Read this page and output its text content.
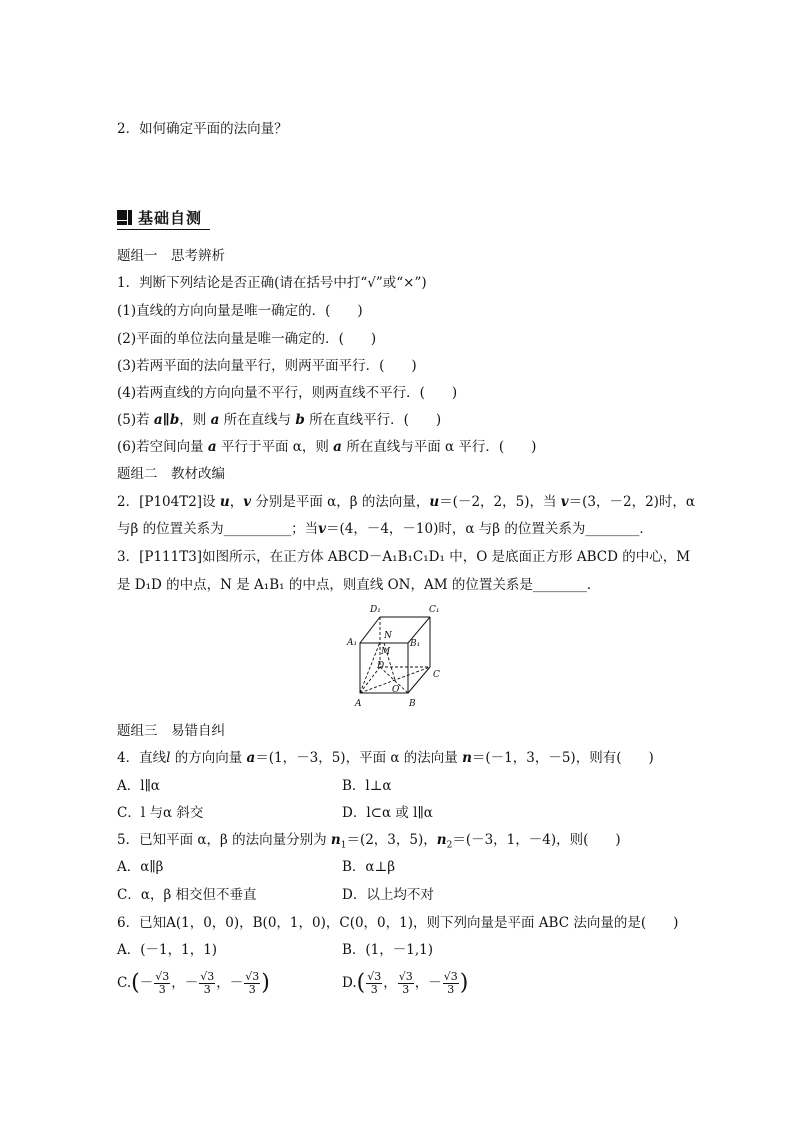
2．如何确定平面的法向量？
基础自测
题组一　思考辨析
1．判断下列结论是否正确(请在括号中打“√”或“×”)
(1)直线的方向向量是唯一确定的．(　　)
(2)平面的单位法向量是唯一确定的．(　　)
(3)若两平面的法向量平行，则两平面平行．(　　)
(4)若两直线的方向向量不平行，则两直线不平行．(　　)
(5)若 a∥b，则 a 所在直线与 b 所在直线平行．(　　)
(6)若空间向量 a 平行于平面 α，则 a 所在直线与平面 α 平行．(　　)
题组二　教材改编
2．[P104T2]设 u，v 分别是平面 α，β 的法向量，u＝(－2，2，5)，当 v＝(3，－2，2)时，α
与β 的位置关系为__________；当v＝(4，－4，－10)时，α 与β 的位置关系为________．
3．[P111T3]如图所示，在正方体 ABCD－A₁B₁C₁D₁ 中，O 是底面正方形 ABCD 的中心，M
是 D₁D 的中点，N 是 A₁B₁ 的中点，则直线 ON，AM 的位置关系是________．
D₁	C₁
A₁	B₁
N
M
D
C
O
A	B
题组三　易错自纠
4．直线l 的方向向量 a＝(1，－3，5)，平面 α 的法向量 n＝(－1，3，－5)，则有(　　)
A．l∥α	B．l⊥α
C．l 与α 斜交	D．l⊂α 或 l∥α
5．已知平面 α，β 的法向量分别为 $n_1=(2$，3，5)，$n_2=(-3$，1，－4)，则(　　)
A．α∥β	B．α⊥β
C．α，β 相交但不垂直	D．以上均不对
6．已知A(1，0，0)，B(0，1，0)，C(0，0，1)，则下列向量是平面 ABC 法向量的是(　　)
A．(－1，1，1)	B．(1，－1,1)
$C.(- \frac{√3}{3}$ ，－ $\frac{√3}{3}$ ，－ $\frac{√3}{3}$ )	$D.( \frac{√3}{3}$ ， $\frac{√3}{3}$ ，－ $\frac{√3}{3}$ )
